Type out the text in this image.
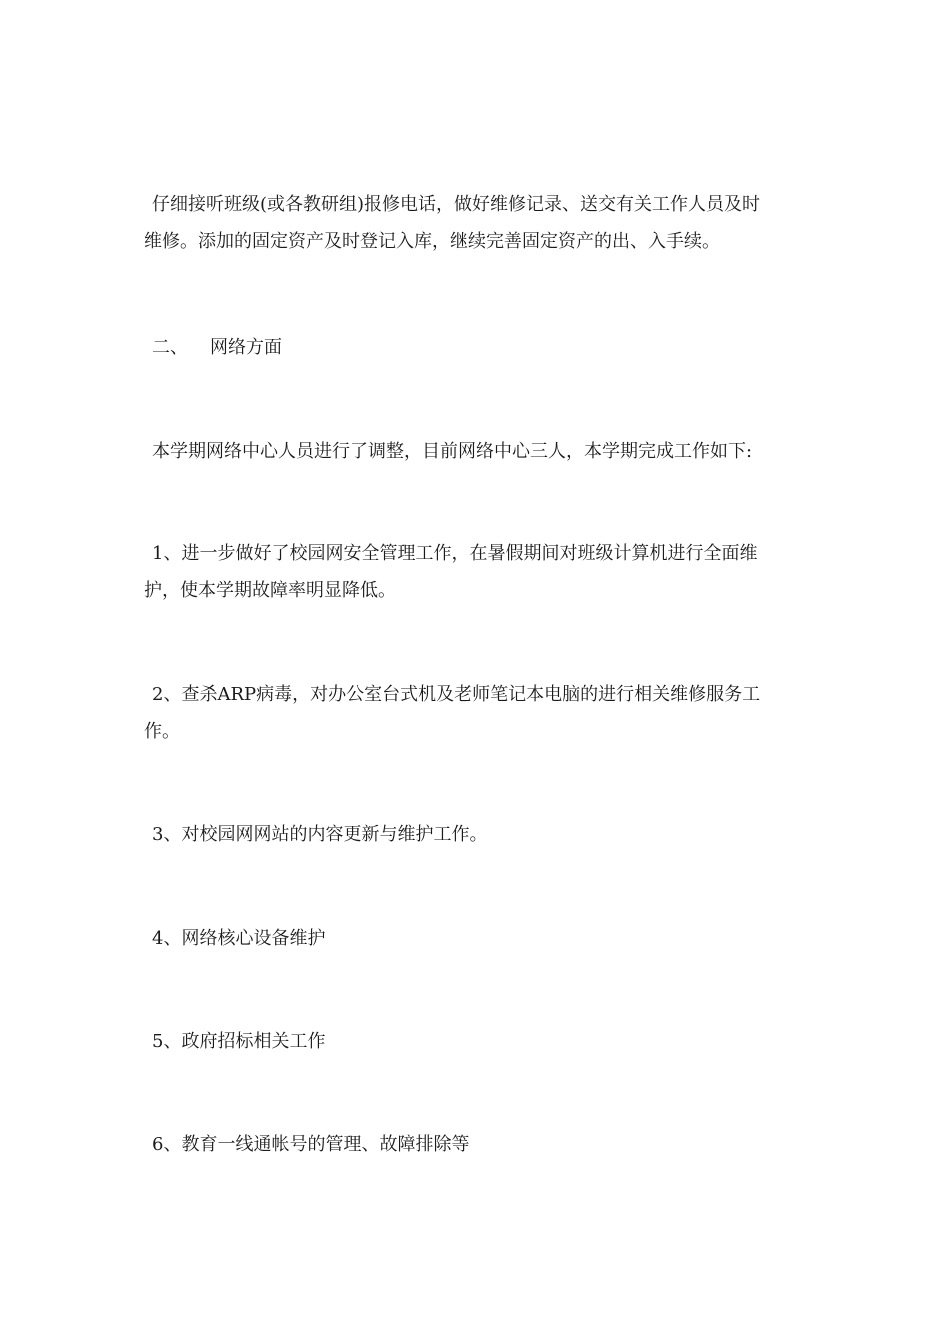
仔细接听班级(或各教研组)报修电话，做好维修记录、送交有关工作人员及时
维修。添加的固定资产及时登记入库，继续完善固定资产的出、入手续。

二、 网络方面

本学期网络中心人员进行了调整，目前网络中心三人，本学期完成工作如下:

1、进一步做好了校园网安全管理工作，在暑假期间对班级计算机进行全面维
护，使本学期故障率明显降低。

2、查杀ARP病毒，对办公室台式机及老师笔记本电脑的进行相关维修服务工
作。

3、对校园网网站的内容更新与维护工作。

4、网络核心设备维护

5、政府招标相关工作

6、教育一线通帐号的管理、故障排除等
